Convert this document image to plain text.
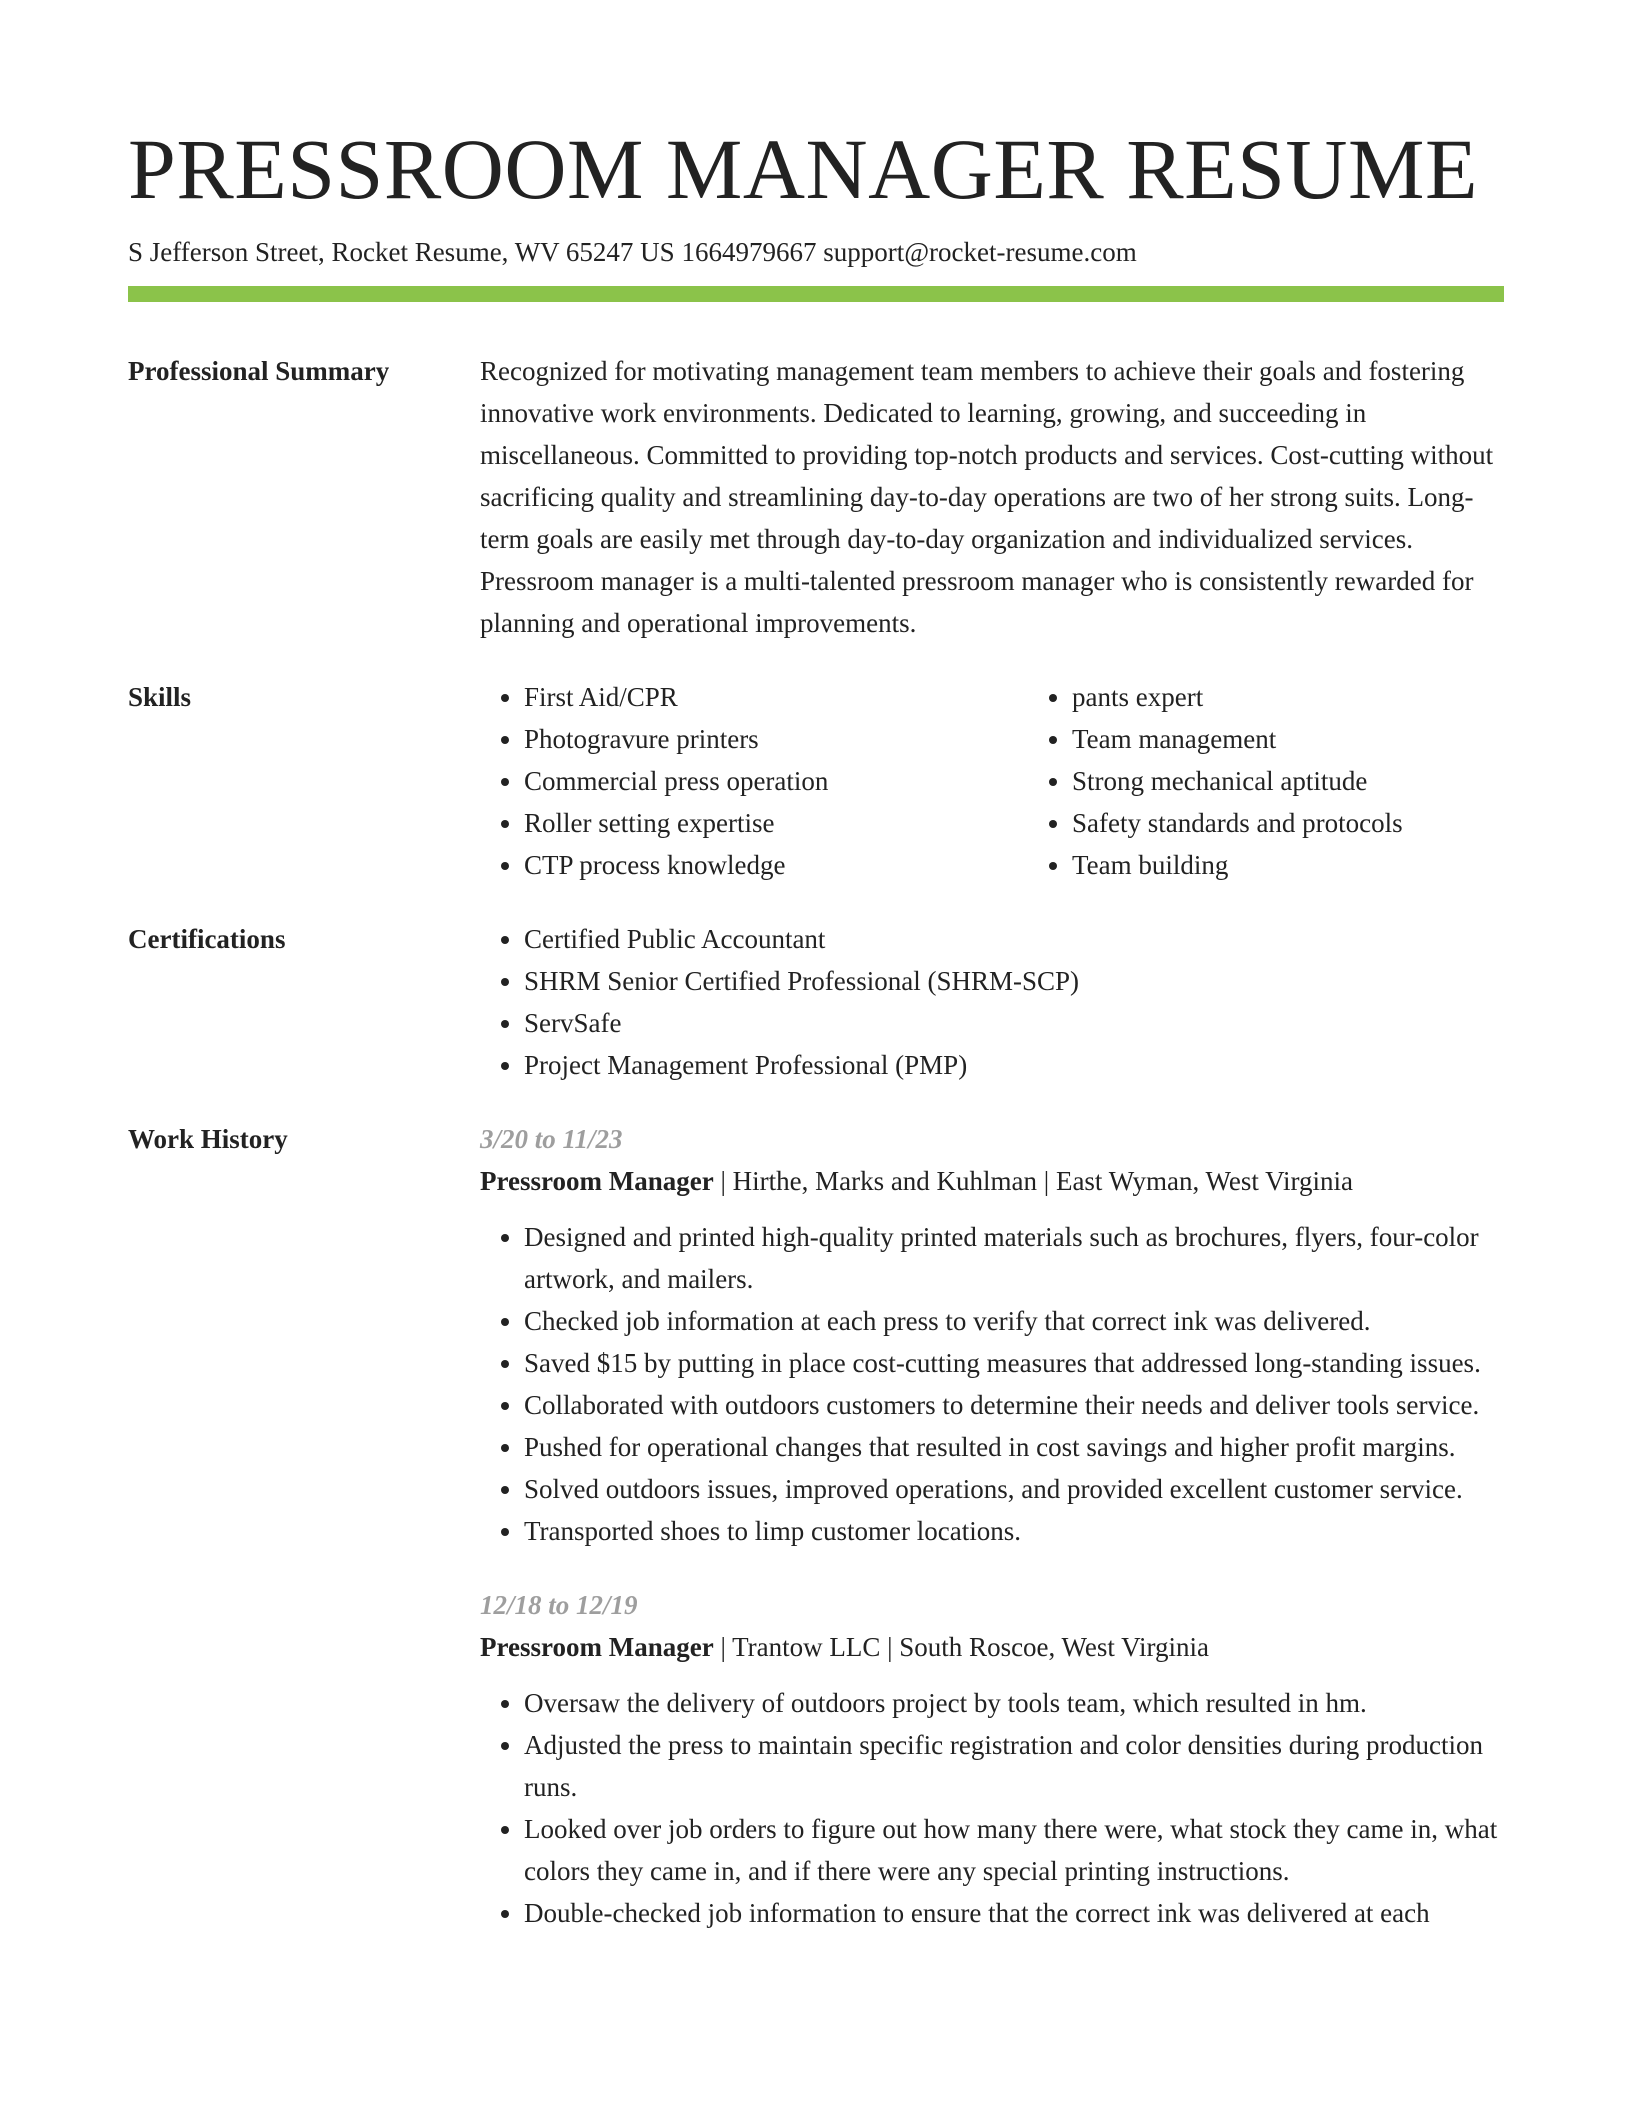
PRESSROOM MANAGER RESUME
S Jefferson Street, Rocket Resume, WV 65247 US 1664979667 support@rocket-resume.com
Professional Summary	Recognized for motivating management team members to achieve their goals and fostering innovative work environments. Dedicated to learning, growing, and succeeding in miscellaneous. Committed to providing top-notch products and services. Cost-cutting without sacrificing quality and streamlining day-to-day operations are two of her strong suits. Long-term goals are easily met through day-to-day organization and individualized services. Pressroom manager is a multi-talented pressroom manager who is consistently rewarded for planning and operational improvements.
Skills	• First Aid/CPR
• Photogravure printers
• Commercial press operation
• Roller setting expertise
• CTP process knowledge
• pants expert
• Team management
• Strong mechanical aptitude
• Safety standards and protocols
• Team building
Certifications	• Certified Public Accountant
• SHRM Senior Certified Professional (SHRM-SCP)
• ServSafe
• Project Management Professional (PMP)
Work History	3/20 to 11/23
Pressroom Manager | Hirthe, Marks and Kuhlman | East Wyman, West Virginia
• Designed and printed high-quality printed materials such as brochures, flyers, four-color artwork, and mailers.
• Checked job information at each press to verify that correct ink was delivered.
• Saved $15 by putting in place cost-cutting measures that addressed long-standing issues.
• Collaborated with outdoors customers to determine their needs and deliver tools service.
• Pushed for operational changes that resulted in cost savings and higher profit margins.
• Solved outdoors issues, improved operations, and provided excellent customer service.
• Transported shoes to limp customer locations.
12/18 to 12/19
Pressroom Manager | Trantow LLC | South Roscoe, West Virginia
• Oversaw the delivery of outdoors project by tools team, which resulted in hm.
• Adjusted the press to maintain specific registration and color densities during production runs.
• Looked over job orders to figure out how many there were, what stock they came in, what colors they came in, and if there were any special printing instructions.
• Double-checked job information to ensure that the correct ink was delivered at each
